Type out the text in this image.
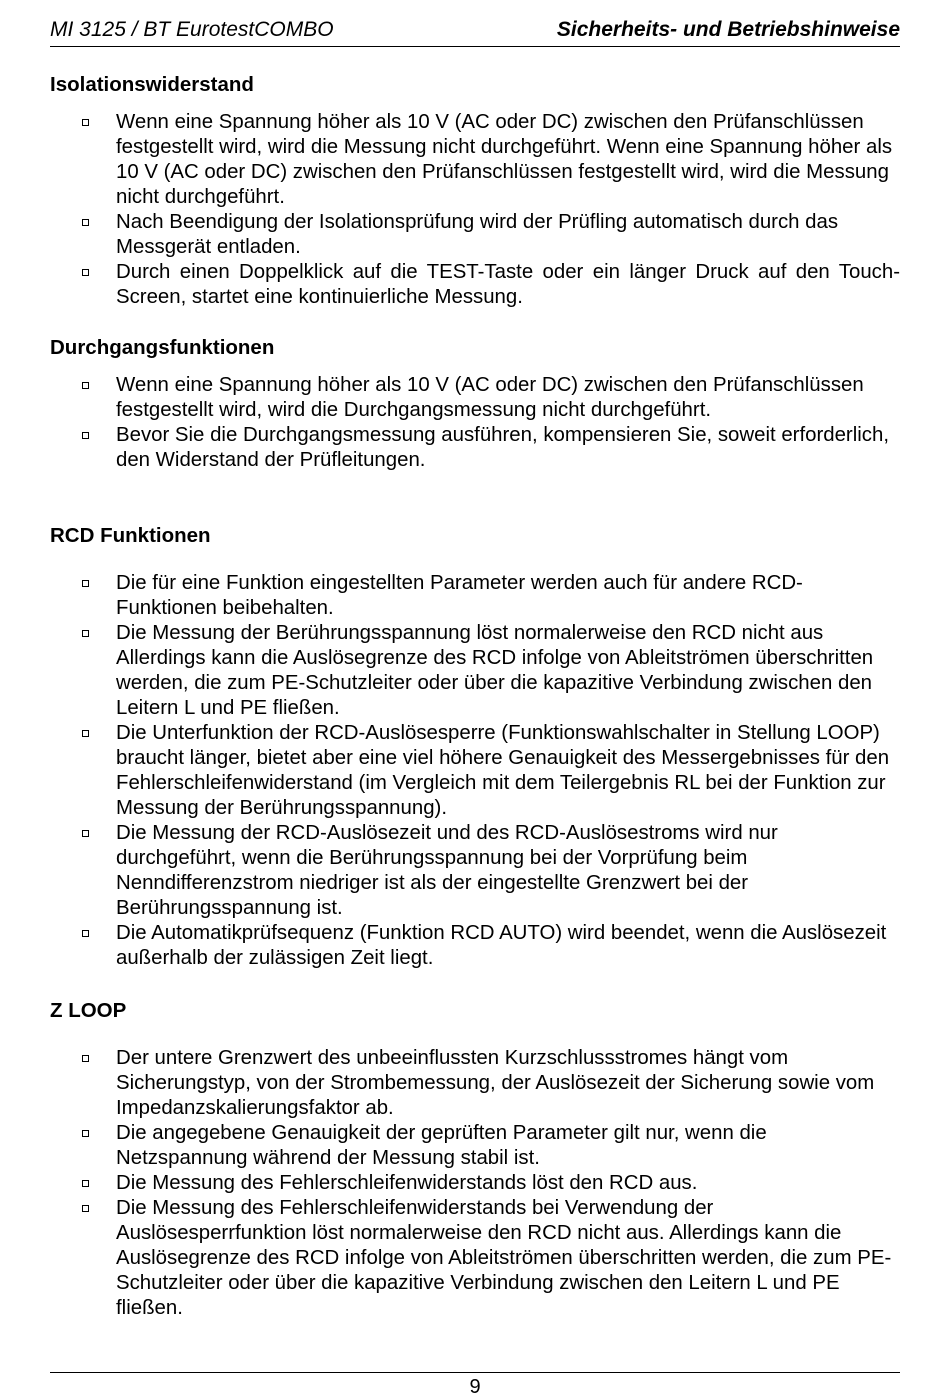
MI 3125 / BT EurotestCOMBO	Sicherheits- und Betriebshinweise
Isolationswiderstand
Wenn eine Spannung höher als 10 V (AC oder DC) zwischen den Prüfanschlüssen festgestellt wird, wird die Messung nicht durchgeführt. Wenn eine Spannung höher als 10 V (AC oder DC) zwischen den Prüfanschlüssen festgestellt wird, wird die Messung nicht durchgeführt.
Nach Beendigung der Isolationsprüfung wird der Prüfling automatisch durch das Messgerät entladen.
Durch einen Doppelklick auf die TEST-Taste oder ein länger Druck auf den Touch-Screen, startet eine kontinuierliche Messung.
Durchgangsfunktionen
Wenn eine Spannung höher als 10 V (AC oder DC) zwischen den Prüfanschlüssen festgestellt wird, wird die Durchgangsmessung nicht durchgeführt.
Bevor Sie die Durchgangsmessung ausführen, kompensieren Sie, soweit erforderlich, den Widerstand der Prüfleitungen.
RCD Funktionen
Die für eine Funktion eingestellten Parameter werden auch für andere RCD-Funktionen beibehalten.
Die Messung der Berührungsspannung löst normalerweise den RCD nicht aus Allerdings kann die Auslösegrenze des RCD infolge von Ableitströmen überschritten werden, die zum PE-Schutzleiter oder über die kapazitive Verbindung zwischen den Leitern L und PE fließen.
Die Unterfunktion der RCD-Auslösesperre (Funktionswahlschalter in Stellung LOOP) braucht länger, bietet aber eine viel höhere Genauigkeit des Messergebnisses für den Fehlerschleifenwiderstand (im Vergleich mit dem Teilergebnis RL bei der Funktion zur Messung der Berührungsspannung).
Die Messung der RCD-Auslösezeit und des RCD-Auslösestroms wird nur durchgeführt, wenn die Berührungsspannung bei der Vorprüfung beim Nenndifferenzstrom niedriger ist als der eingestellte Grenzwert bei der Berührungsspannung ist.
Die Automatikprüfsequenz (Funktion RCD AUTO) wird beendet, wenn die Auslösezeit außerhalb der zulässigen Zeit liegt.
Z LOOP
Der untere Grenzwert des unbeeinflussten Kurzschlussstromes hängt vom Sicherungstyp, von der Strombemessung, der Auslösezeit der Sicherung sowie vom Impedanzskalierungsfaktor ab.
Die angegebene Genauigkeit der geprüften Parameter gilt nur, wenn die Netzspannung während der Messung stabil ist.
Die Messung des Fehlerschleifenwiderstands löst den RCD aus.
Die Messung des Fehlerschleifenwiderstands bei Verwendung der Auslösesperrfunktion löst normalerweise den RCD nicht aus. Allerdings kann die Auslösegrenze des RCD infolge von Ableitströmen überschritten werden, die zum PE-Schutzleiter oder über die kapazitive Verbindung zwischen den Leitern L und PE fließen.
9
